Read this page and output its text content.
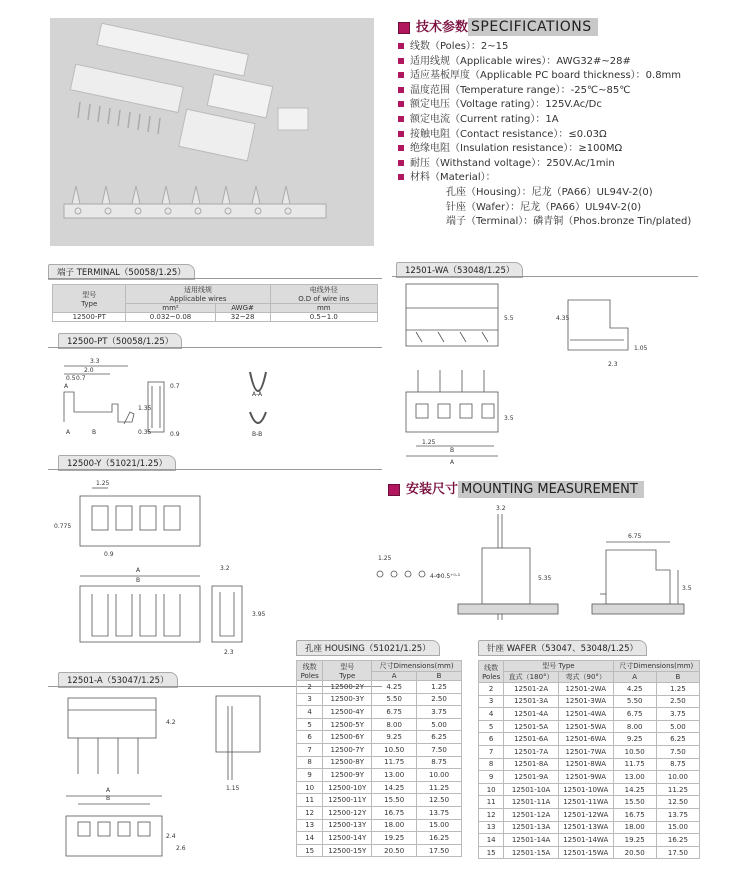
技术参数 SPECIFICATIONS
线数（Poles）：2~15
适用线规（Applicable wires）：AWG32#~28#
适应基板厚度（Applicable PC board thickness）：0.8mm
温度范围（Temperature range）：-25℃~85℃
额定电压（Voltage rating）：125V.Ac/Dc
额定电流（Current rating）：1A
接触电阻（Contact resistance）：≤0.03Ω
绝缘电阻（Insulation resistance）：≥100MΩ
耐压（Withstand voltage）：250V.Ac/1min
材料（Material）：
孔座（Housing）：尼龙（PA66）UL94V-2(0)
针座（Wafer）：尼龙（PA66）UL94V-2(0)
端子（Terminal）：磷青铜（Phos.bronze Tin/plated)
端子 TERMINAL（50058/1.25）
型号
Type	适用线规
Applicable wires		电线外径
O.D of wire ins
	mm²	AWG#	mm
12500-PT	0.032~0.08	32~28	0.5~1.0
12500-PT（50058/1.25）
3.3
2.0
0.5 0.7
A
A	B
0.7
1.35
0.35	0.9
A-A
B-B
12500-Y（51021/1.25）
1.25
0.775
0.9
A
B
3.2
3.95
2.3
12501-A（53047/1.25）
B
4.2
A
2.4
2.6
1.15
12501-WA（53048/1.25）
5.5	4.35
1.05
2.3
3.5
1.25
B
A
安装尺寸 MOUNTING MEASUREMENT
3.2
1.25
4-Φ0.5⁺⁰·¹	5.35
6.75
3.5
孔座 HOUSING（51021/1.25）
线数
Poles	型号
Type	尺寸Dimensions(mm)	
		A	B
2	12500-2Y	4.25	1.25
3	12500-3Y	5.50	2.50
4	12500-4Y	6.75	3.75
5	12500-5Y	8.00	5.00
6	12500-6Y	9.25	6.25
7	12500-7Y	10.50	7.50
8	12500-8Y	11.75	8.75
9	12500-9Y	13.00	10.00
10	12500-10Y	14.25	11.25
11	12500-11Y	15.50	12.50
12	12500-12Y	16.75	13.75
13	12500-13Y	18.00	15.00
14	12500-14Y	19.25	16.25
15	12500-15Y	20.50	17.50
针座 WAFER（53047、53048/1.25）
线数
Poles	型号 Type		尺寸Dimensions(mm)	
	直式（180°）	弯式（90°）	A	B
2	12501-2A	12501-2WA	4.25	1.25
3	12501-3A	12501-3WA	5.50	2.50
4	12501-4A	12501-4WA	6.75	3.75
5	12501-5A	12501-5WA	8.00	5.00
6	12501-6A	12501-6WA	9.25	6.25
7	12501-7A	12501-7WA	10.50	7.50
8	12501-8A	12501-8WA	11.75	8.75
9	12501-9A	12501-9WA	13.00	10.00
10	12501-10A	12501-10WA	14.25	11.25
11	12501-11A	12501-11WA	15.50	12.50
12	12501-12A	12501-12WA	16.75	13.75
13	12501-13A	12501-13WA	18.00	15.00
14	12501-14A	12501-14WA	19.25	16.25
15	12501-15A	12501-15WA	20.50	17.50
